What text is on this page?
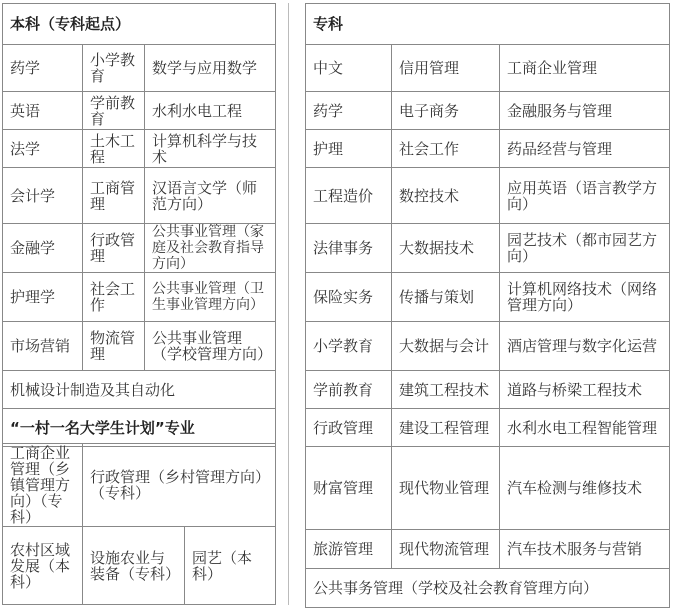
本科（专科起点）		
药学	小学教育	数学与应用数学
英语	学前教育	水利水电工程
法学	土木工程	计算机科学与技术
会计学	工商管理	汉语言文学（师范方向）
金融学	行政管理	公共事业管理（家庭及社会教育指导方向）
护理学	社会工作	公共事业管理（卫生事业管理方向）
市场营销	物流管理	公共事业管理（学校管理方向）
机械设计制造及其自动化		
“一村一名大学生计划”专业		
工商企业管理（乡镇管理方向）（专科）	行政管理（乡村管理方向）（专科）	
农村区域发展（本科）	设施农业与装备（专科）	园艺（本科）
专科		
中文	信用管理	工商企业管理
药学	电子商务	金融服务与管理
护理	社会工作	药品经营与管理
工程造价	数控技术	应用英语（语言教学方向）
法律事务	大数据技术	园艺技术（都市园艺方向）
保险实务	传播与策划	计算机网络技术（网络管理方向）
小学教育	大数据与会计	酒店管理与数字化运营
学前教育	建筑工程技术	道路与桥梁工程技术
行政管理	建设工程管理	水利水电工程智能管理
财富管理	现代物业管理	汽车检测与维修技术
旅游管理	现代物流管理	汽车技术服务与营销
公共事务管理（学校及社会教育管理方向）		
